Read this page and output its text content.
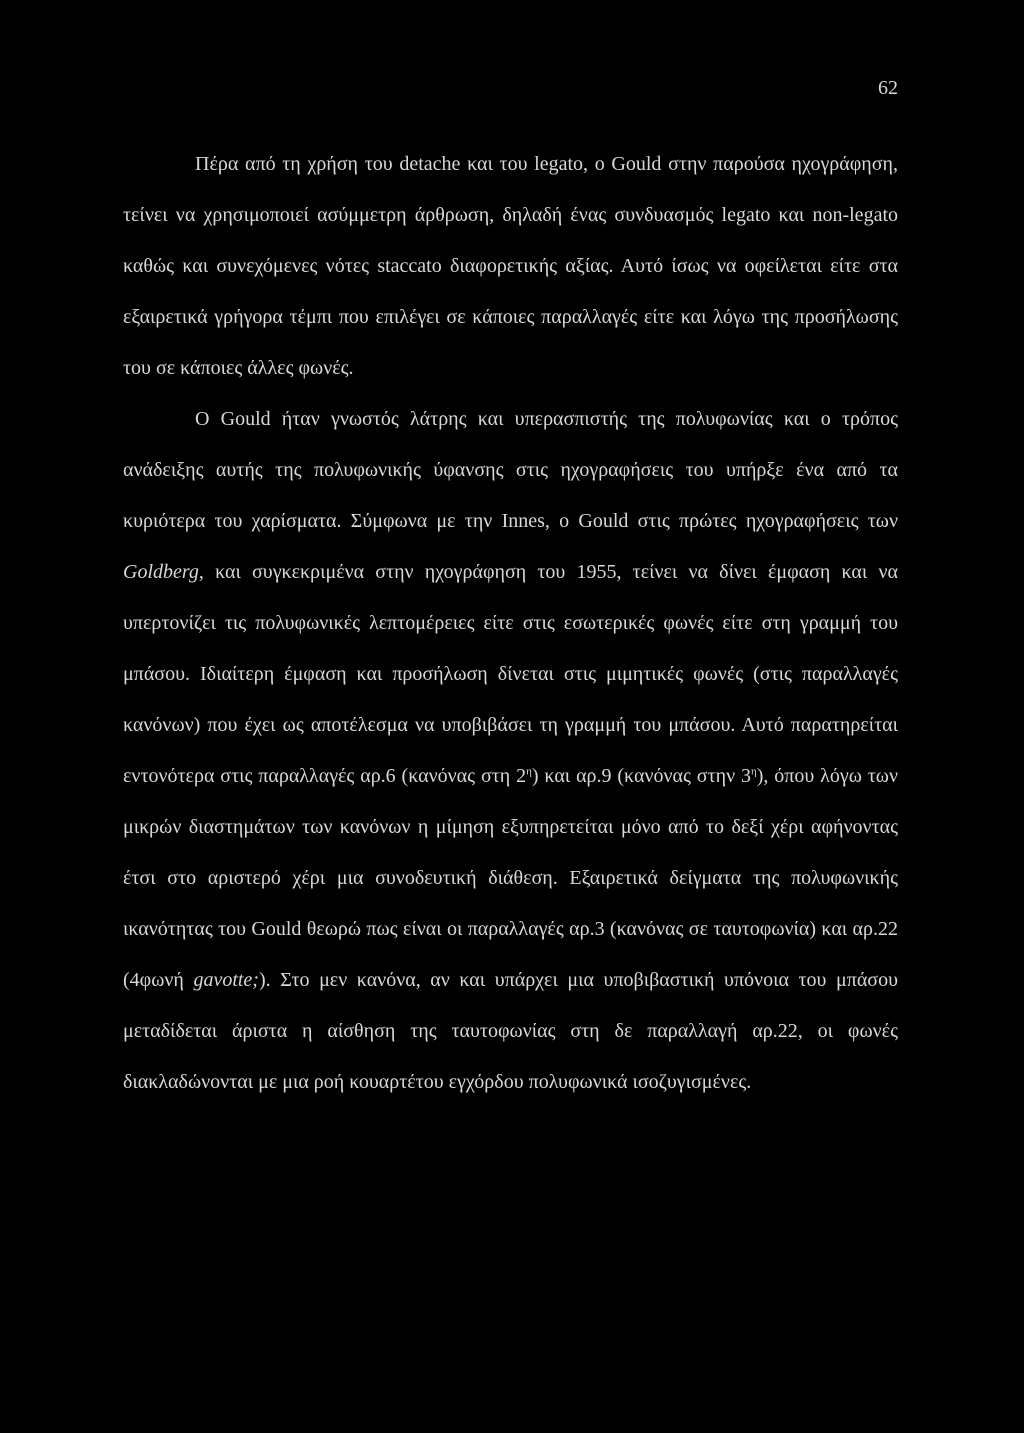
62

Πέρα από τη χρήση του detache και του legato, ο Gould στην παρούσα ηχογράφηση, τείνει να χρησιμοποιεί ασύμμετρη άρθρωση, δηλαδή ένας συνδυασμός legato και non-legato καθώς και συνεχόμενες νότες staccato διαφορετικής αξίας. Αυτό ίσως να οφείλεται είτε στα εξαιρετικά γρήγορα τέμπι που επιλέγει σε κάποιες παραλλαγές είτε και λόγω της προσήλωσης του σε κάποιες άλλες φωνές.

Ο Gould ήταν γνωστός λάτρης και υπερασπιστής της πολυφωνίας και ο τρόπος ανάδειξης αυτής της πολυφωνικής ύφανσης στις ηχογραφήσεις του υπήρξε ένα από τα κυριότερα του χαρίσματα. Σύμφωνα με την Innes, ο Gould στις πρώτες ηχογραφήσεις των Goldberg, και συγκεκριμένα στην ηχογράφηση του 1955, τείνει να δίνει έμφαση και να υπερτονίζει τις πολυφωνικές λεπτομέρειες είτε στις εσωτερικές φωνές είτε στη γραμμή του μπάσου. Ιδιαίτερη έμφαση και προσήλωση δίνεται στις μιμητικές φωνές (στις παραλλαγές κανόνων) που έχει ως αποτέλεσμα να υποβιβάσει τη γραμμή του μπάσου. Αυτό παρατηρείται εντονότερα στις παραλλαγές αρ.6 (κανόνας στη $2^\eta$) και αρ.9 (κανόνας στην $3^\eta$), όπου λόγω των μικρών διαστημάτων των κανόνων η μίμηση εξυπηρετείται μόνο από το δεξί χέρι αφήνοντας έτσι στο αριστερό χέρι μια συνοδευτική διάθεση. Εξαιρετικά δείγματα της πολυφωνικής ικανότητας του Gould θεωρώ πως είναι οι παραλλαγές αρ.3 (κανόνας σε ταυτοφωνία) και αρ.22 (4φωνή gavotte;). Στο μεν κανόνα, αν και υπάρχει μια υποβιβαστική υπόνοια του μπάσου μεταδίδεται άριστα η αίσθηση της ταυτοφωνίας στη δε παραλλαγή αρ.22, οι φωνές διακλαδώνονται με μια ροή κουαρτέτου εγχόρδου πολυφωνικά ισοζυγισμένες.
